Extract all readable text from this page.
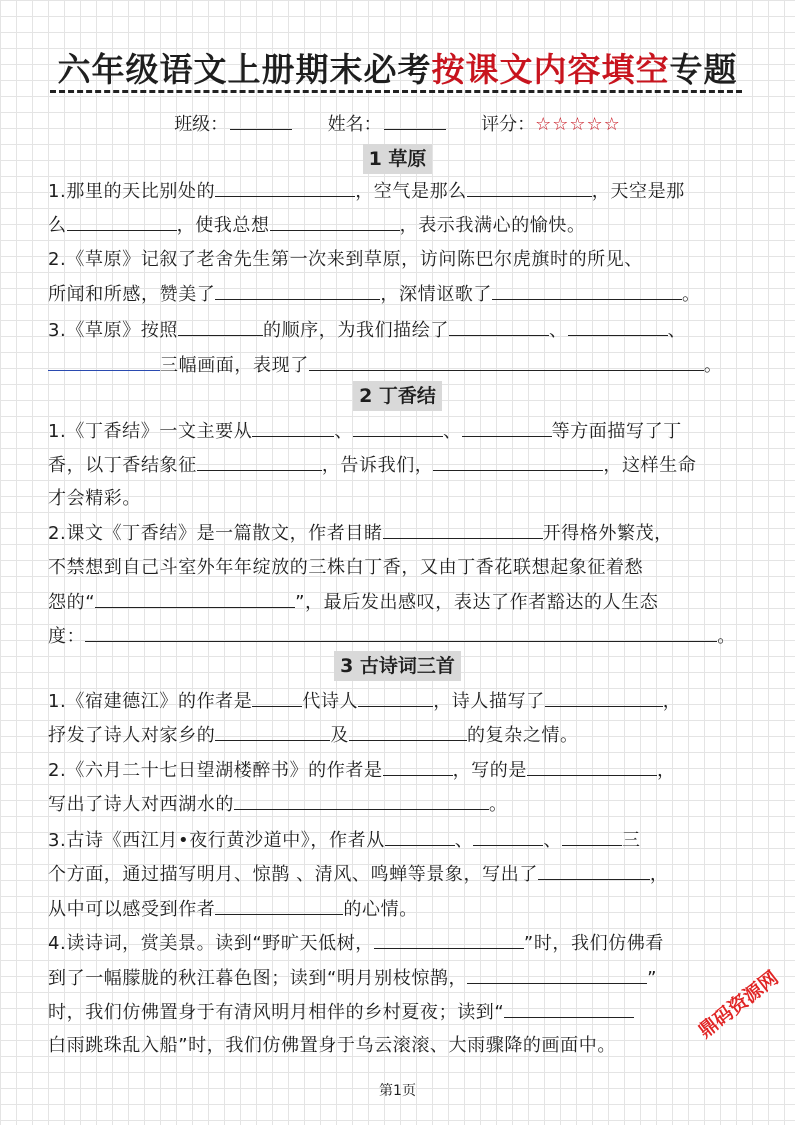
六年级语文上册期末必考按课文内容填空专题
班级：	姓名：	评分：☆☆☆☆☆
1 草原
2 丁香结
3 古诗词三首
1.那里的天比别处的	，空气是那么	，天空是那
么	，使我总想	，表示我满心的愉快。
2.《草原》记叙了老舍先生第一次来到草原，访问陈巴尔虎旗时的所见、
所闻和所感，赞美了	，深情讴歌了	。
3.《草原》按照	的顺序，为我们描绘了	、	、
三幅画面，表现了	。
1.《丁香结》一文主要从	、	、	等方面描写了丁
香，以丁香结象征	，告诉我们，	，这样生命
才会精彩。
2.课文《丁香结》是一篇散文，作者目睹	开得格外繁茂，
不禁想到自己斗室外年年绽放的三株白丁香，又由丁香花联想起象征着愁
怨的“	”，最后发出感叹，表达了作者豁达的人生态
度：	。
1.《宿建德江》的作者是	代诗人	，诗人描写了	，
抒发了诗人对家乡的	及	的复杂之情。
2.《六月二十七日望湖楼醉书》的作者是	，写的是	，
写出了诗人对西湖水的	。
3.古诗《西江月•夜行黄沙道中》，作者从	、	、	三
个方面，通过描写明月、惊鹊 、清风、鸣蝉等景象，写出了	，
从中可以感受到作者	的心情。
4.读诗词，赏美景。读到“野旷天低树，	”时，我们仿佛看
到了一幅朦胧的秋江暮色图；读到“明月别枝惊鹊，	”
时，我们仿佛置身于有清风明月相伴的乡村夏夜；读到“
白雨跳珠乱入船”时，我们仿佛置身于乌云滚滚、大雨骤降的画面中。
鼎码资源网
第1页
